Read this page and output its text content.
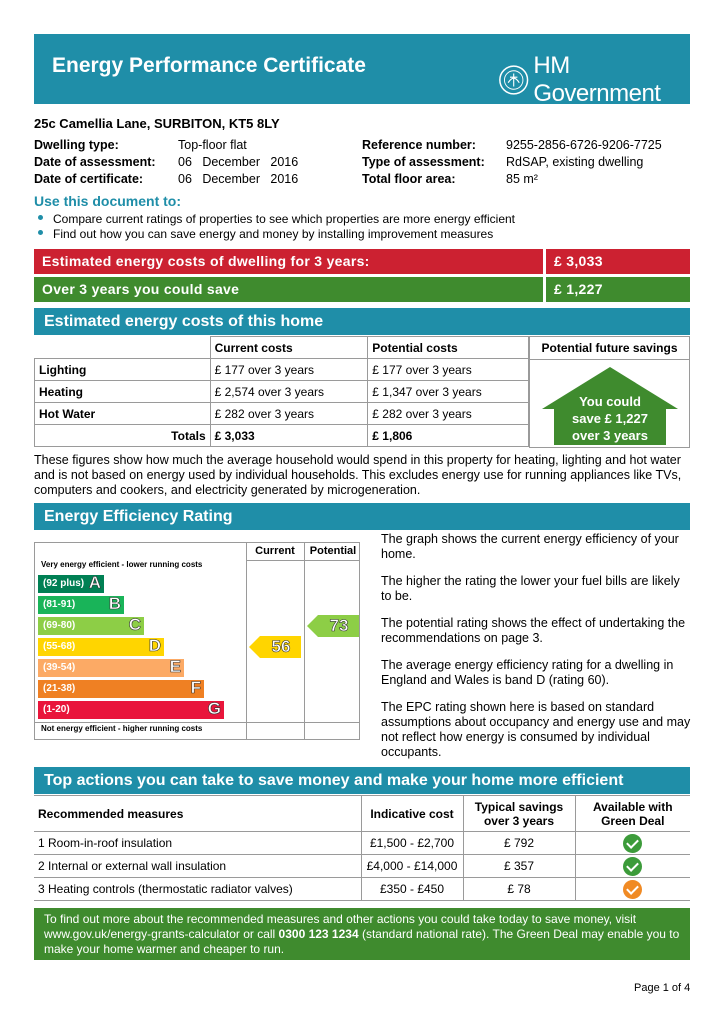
Energy Performance Certificate	HM Government
25c Camellia Lane, SURBITON, KT5 8LY
Dwelling type:	Top-floor flat
Date of assessment: 06   December   2016
Date of certificate:	06   December   2016
Reference number: 9255-2856-6726-9206-7725
Type of assessment: RdSAP, existing dwelling
Total floor area:	85 m²
Use this document to:
Compare current ratings of properties to see which properties are more energy efficient
Find out how you can save energy and money by installing improvement measures
Estimated energy costs of dwelling for 3 years:	£ 3,033
Over 3 years you could save	£ 1,227
Estimated energy costs of this home
	Current costs	Potential costs
Lighting	£ 177 over 3 years	£ 177 over 3 years
Heating	£ 2,574 over 3 years	£ 1,347 over 3 years
Hot Water	£ 282 over 3 years	£ 282 over 3 years
Totals	£ 3,033	£ 1,806
Potential future savings
You could
save £ 1,227
over 3 years
These figures show how much the average household would spend in this property for heating, lighting and hot water and is not based on energy used by individual households. This excludes energy use for running appliances like TVs, computers and cookers, and electricity generated by microgeneration.
Energy Efficiency Rating
Current	Potential
Very energy efficient - lower running costs
Not energy efficient - higher running costs
(92 plus) A
(81-91) B
(69-80)	C
(55-68)	D
(39-54)	E
(21-38)	F
(1-20)	G
56
73
The graph shows the current energy efficiency of your home.
The higher the rating the lower your fuel bills are likely to be.
The potential rating shows the effect of undertaking the recommendations on page 3.
The average energy efficiency rating for a dwelling in England and Wales is band D (rating 60).
The EPC rating shown here is based on standard assumptions about occupancy and energy use and may not reflect how energy is consumed by individual occupants.
Top actions you can take to save money and make your home more efficient
Recommended measures	Indicative cost	Typical savings over 3 years	Available with Green Deal
1 Room-in-roof insulation	£1,500 - £2,700	£ 792	
2 Internal or external wall insulation	£4,000 - £14,000	£ 357	
3 Heating controls (thermostatic radiator valves)	£350 - £450	£ 78	
To find out more about the recommended measures and other actions you could take today to save money, visit www.gov.uk/energy-grants-calculator or call 0300 123 1234 (standard national rate). The Green Deal may enable you to make your home warmer and cheaper to run.
Page 1 of 4
